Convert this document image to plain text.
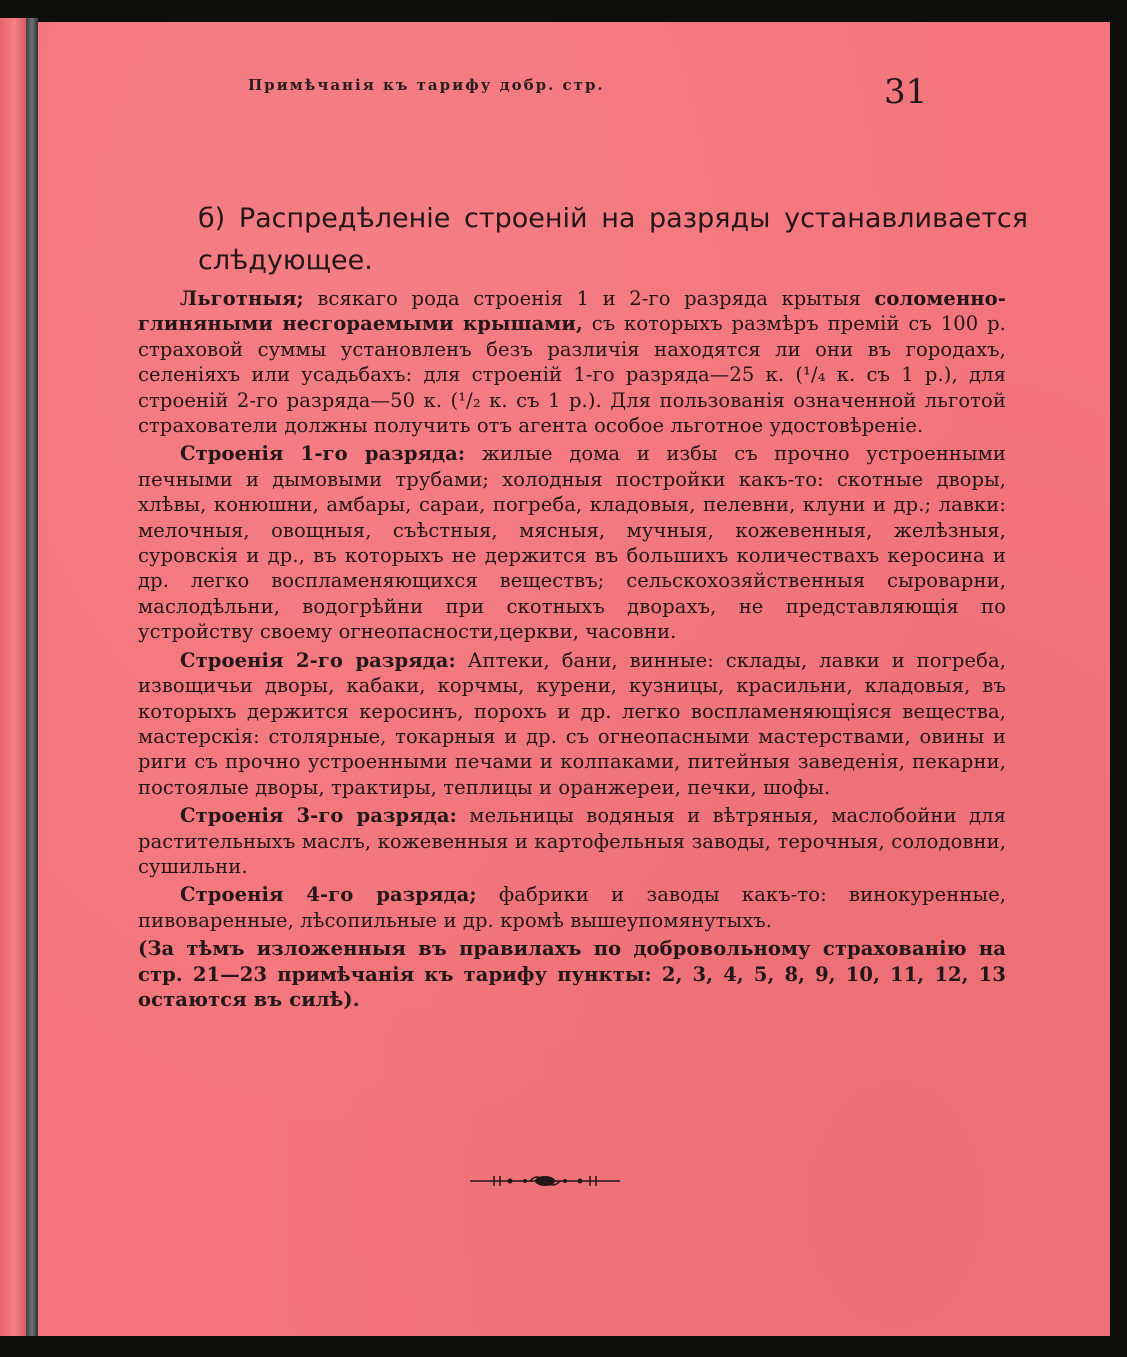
Примѣчанія къ тарифу добр. стр.	31
б) Распредѣленіе строеній на разряды устанавливается слѣдующее.

Льготныя; всякаго рода строенія 1 и 2-го разряда крытыя соломенно-глиняными несгораемыми крышами, съ которыхъ размѣръ премій съ 100 р. страховой суммы установленъ безъ различія находятся ли они въ городахъ, селеніяхъ или усадьбахъ: для строеній 1-го разряда—25 к. (¹/₄ к. съ 1 р.), для строеній 2-го разряда—50 к. (¹/₂ к. съ 1 р.). Для пользованія означенной льготой страхователи должны получить отъ агента особое льготное удостовѣреніе.

Строенія 1-го разряда: жилые дома и избы съ прочно устроенными печными и дымовыми трубами; холодныя постройки какъ-то: скотные дворы, хлѣвы, конюшни, амбары, сараи, погреба, кладовыя, пелевни, клуни и др.; лавки: мелочныя, овощныя, съѣстныя, мясныя, мучныя, кожевенныя, желѣзныя, суровскія и др., въ которыхъ не держится въ большихъ количествахъ керосина и др. легко воспламеняющихся веществъ; сельскохозяйственныя сыроварни, маслодѣльни, водогрѣйни при скотныхъ дворахъ, не представляющія по устройству своему огнеопасности,церкви, часовни.

Строенія 2-го разряда: Аптеки, бани, винные: склады, лавки и погреба, извощичьи дворы, кабаки, корчмы, курени, кузницы, красильни, кладовыя, въ которыхъ держится керосинъ, порохъ и др. легко воспламеняющіяся вещества, мастерскія: столярные, токарныя и др. съ огнеопасными мастерствами, овины и риги съ прочно устроенными печами и колпаками, питейныя заведенія, пекарни, постоялые дворы, трактиры, теплицы и оранжереи, печки, шофы.

Строенія 3-го разряда: мельницы водяныя и вѣтряныя, маслобойни для растительныхъ маслъ, кожевенныя и картофельныя заводы, терочныя, солодовни, сушильни.

Строенія 4-го разряда; фабрики и заводы какъ-то: винокуренные, пивоваренные, лѣсопильные и др. кромѣ вышеупомянутыхъ.

(За тѣмъ изложенныя въ правилахъ по добровольному страхованію на стр. 21—23 примѣчанія къ тарифу пункты: 2, 3, 4, 5, 8, 9, 10, 11, 12, 13 остаются въ силѣ).
